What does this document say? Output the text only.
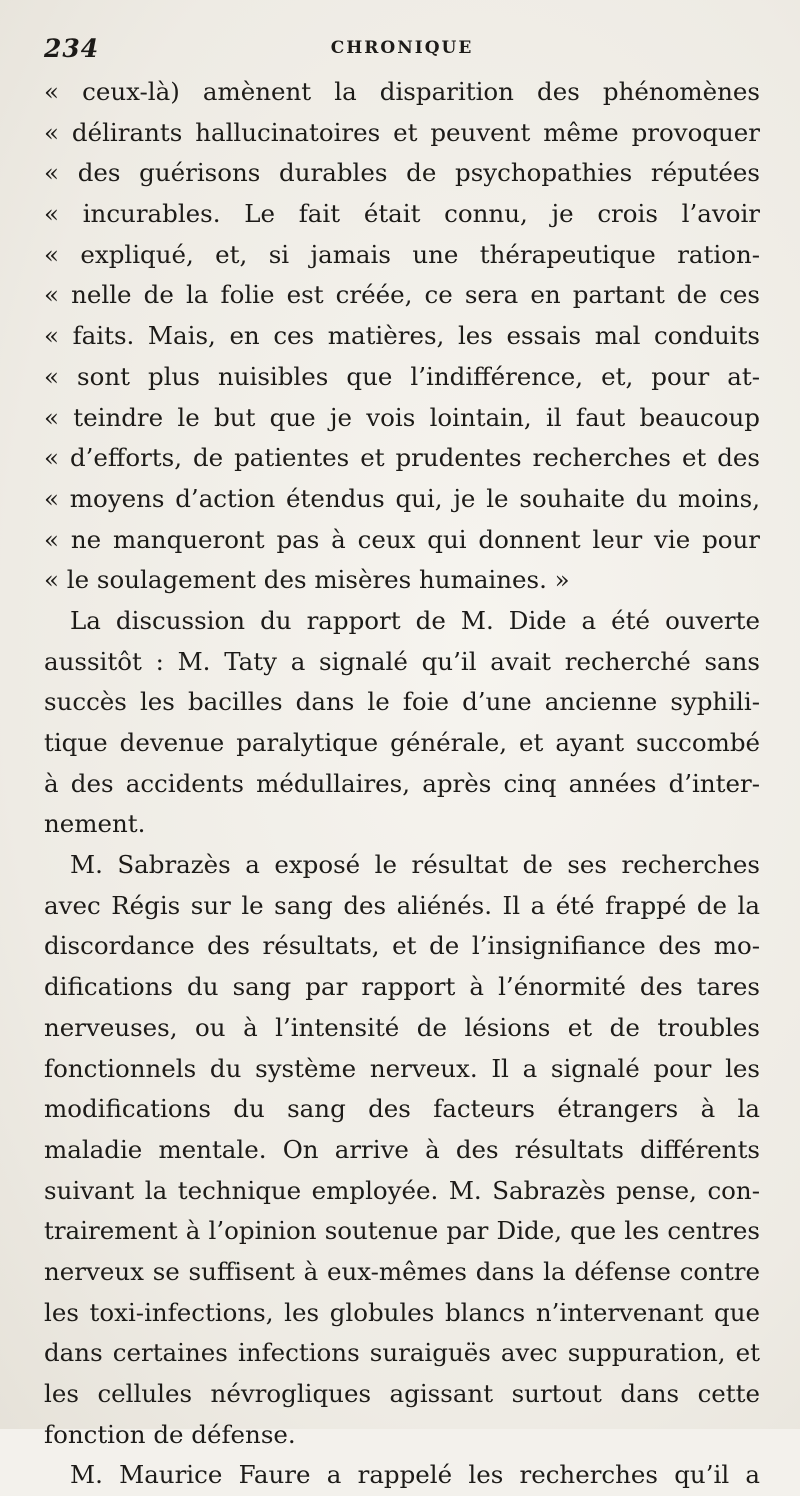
234	CHRONIQUE
« ceux-là) amènent la disparition des phénomènes
« délirants hallucinatoires et peuvent même provoquer
« des guérisons durables de psychopathies réputées
« incurables. Le fait était connu, je crois l’avoir
« expliqué, et, si jamais une thérapeutique ration-
« nelle de la folie est créée, ce sera en partant de ces
« faits. Mais, en ces matières, les essais mal conduits
« sont plus nuisibles que l’indifférence, et, pour at-
« teindre le but que je vois lointain, il faut beaucoup
« d’efforts, de patientes et prudentes recherches et des
« moyens d’action étendus qui, je le souhaite du moins,
« ne manqueront pas à ceux qui donnent leur vie pour
« le soulagement des misères humaines. »
La discussion du rapport de M. Dide a été ouverte
aussitôt : M. Taty a signalé qu’il avait recherché sans
succès les bacilles dans le foie d’une ancienne syphili-
tique devenue paralytique générale, et ayant succombé
à des accidents médullaires, après cinq années d’inter-
nement.
M. Sabrazès a exposé le résultat de ses recherches
avec Régis sur le sang des aliénés. Il a été frappé de la
discordance des résultats, et de l’insignifiance des mo-
difications du sang par rapport à l’énormité des tares
nerveuses, ou à l’intensité de lésions et de troubles
fonctionnels du système nerveux. Il a signalé pour les
modifications du sang des facteurs étrangers à la
maladie mentale. On arrive à des résultats différents
suivant la technique employée. M. Sabrazès pense, con-
trairement à l’opinion soutenue par Dide, que les centres
nerveux se suffisent à eux-mêmes dans la défense contre
les toxi-infections, les globules blancs n’intervenant que
dans certaines infections suraiguës avec suppuration, et
les cellules névrogliques agissant surtout dans cette
fonction de défense.
M. Maurice Faure a rappelé les recherches qu’il a
